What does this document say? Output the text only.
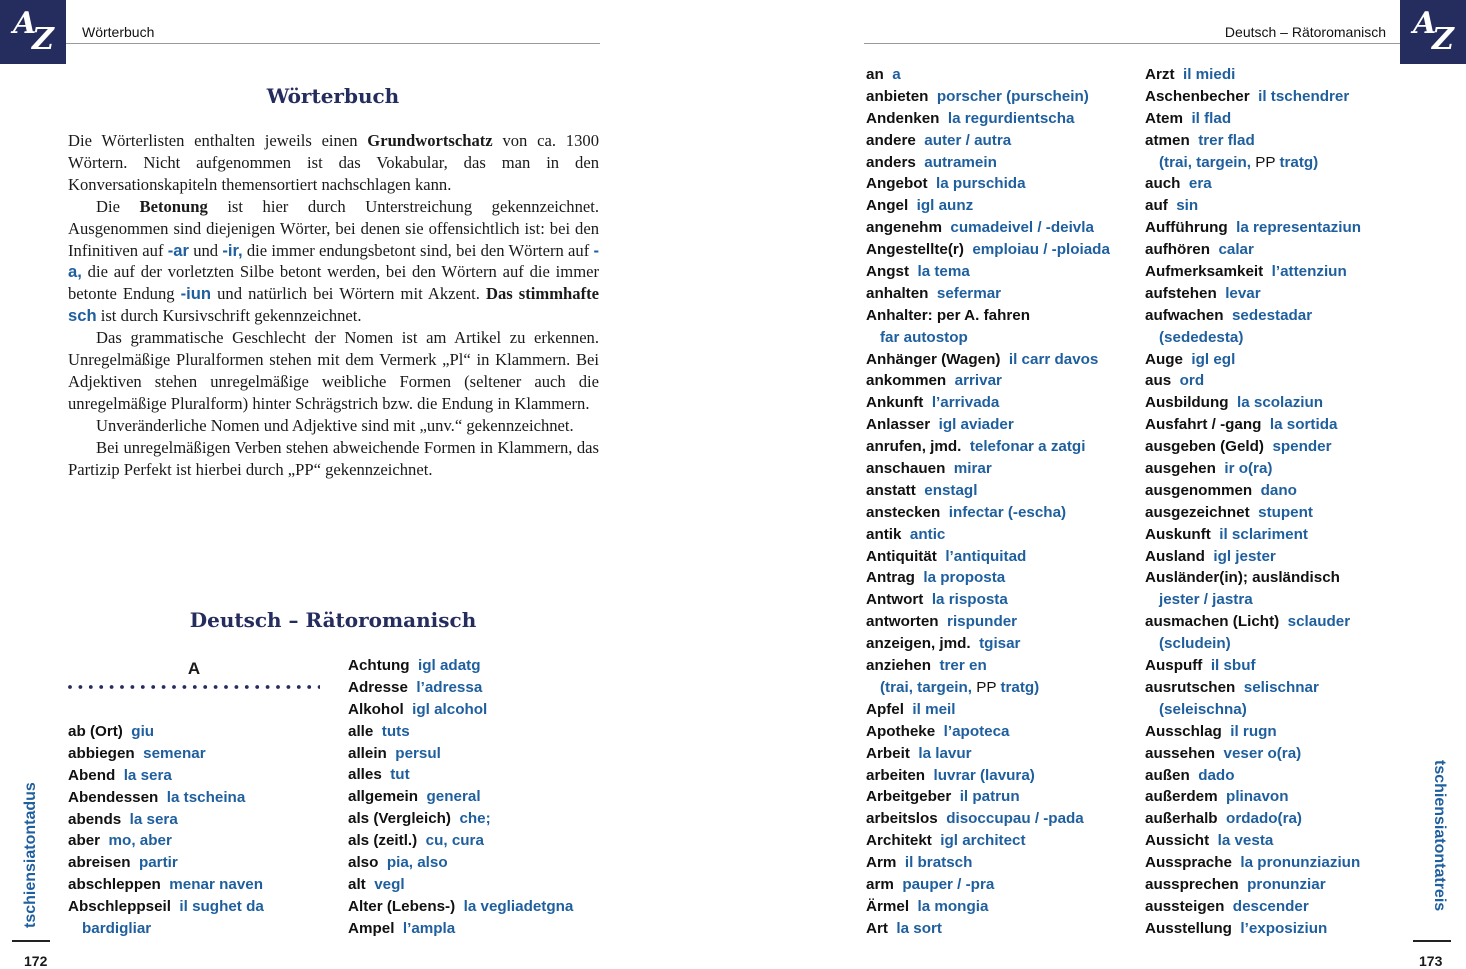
A
Z Wörterbuch	A
Z
Deutsch – Rätoromanisch
Wörterbuch

Die Wörterlisten enthalten jeweils einen Grundwortschatz von ca. 1300 Wörtern. Nicht aufgenommen ist das Vokabular, das man in den Konversationskapiteln themensortiert nachschlagen kann.

Die Betonung ist hier durch Unterstreichung gekennzeichnet. Ausgenommen sind diejenigen Wörter, bei denen sie offensichtlich ist: bei den Infinitiven auf -ar und -ir, die immer endungsbetont sind, bei den Wörtern auf -a, die auf der vorletzten Silbe betont werden, bei den Wörtern auf die immer betonte Endung -iun und natürlich bei Wörtern mit Akzent. Das stimmhafte sch ist durch Kursivschrift gekennzeichnet.

Das grammatische Geschlecht der Nomen ist am Artikel zu erkennen. Unregelmäßige Pluralformen stehen mit dem Vermerk „Pl“ in Klammern. Bei Adjektiven stehen unregelmäßige weibliche Formen (seltener auch die unregelmäßige Pluralform) hinter Schrägstrich bzw. die Endung in Klammern.

Unveränderliche Nomen und Adjektive sind mit „unv.“ gekennzeichnet.

Bei unregelmäßigen Verben stehen abweichende Formen in Klammern, das Partizip Perfekt ist hierbei durch „PP“ gekennzeichnet.

Deutsch – Rätoromanisch
A
ab (Ort) giu
abbiegen semenar
Abend la sera
Abendessen la tscheina
abends la sera
aber mo, aber
abreisen partir
abschleppen menar naven
Abschleppseil il sughet da
bardigliar
Achtung igl adatg
Adresse l’adressa
Alkohol igl alcohol
alle tuts
allein persul
alles tut
allgemein general
als (Vergleich) che;
als (zeitl.) cu, cura
also pia, also
alt vegl
Alter (Lebens-) la vegliadetgna
Ampel l’ampla
tschiensiatontadus
172
an a
anbieten porscher (purschein)
Andenken la regurdientscha
andere auter / autra
anders autramein
Angebot la purschida
Angel igl aunz
angenehm cumadeivel / -deivla
Angestellte(r) emploiau / -ploiada
Angst la tema
anhalten sefermar
Anhalter: per A. fahren
far autostop
Anhänger (Wagen) il carr davos
ankommen arrivar
Ankunft l’arrivada
Anlasser igl aviader
anrufen, jmd. telefonar a zatgi
anschauen mirar
anstatt enstagl
anstecken infectar (-escha)
antik antic
Antiquität l’antiquitad
Antrag la proposta
Antwort la risposta
antworten rispunder
anzeigen, jmd. tgisar
anziehen trer en
(trai, targein, PP tratg)
Apfel il meil
Apotheke l’apoteca
Arbeit la lavur
arbeiten luvrar (lavura)
Arbeitgeber il patrun
arbeitslos disoccupau / -pada
Architekt igl architect
Arm il bratsch
arm pauper / -pra
Ärmel la mongia
Art la sort
Arzt il miedi
Aschenbecher il tschendrer
Atem il flad
atmen trer flad
(trai, targein, PP tratg)
auch era
auf sin
Aufführung la representaziun
aufhören calar
Aufmerksamkeit l’attenziun
aufstehen levar
aufwachen sedestadar
(sededesta)
Auge igl egl
aus ord
Ausbildung la scolaziun
Ausfahrt / -gang la sortida
ausgeben (Geld) spender
ausgehen ir o(ra)
ausgenommen dano
ausgezeichnet stupent
Auskunft il sclariment
Ausland igl jester
Ausländer(in); ausländisch
jester / jastra
ausmachen (Licht) sclauder
(scludein)
Auspuff il sbuf
ausrutschen selischnar
(seleischna)
Ausschlag il rugn
aussehen veser o(ra)
außen dado
außerdem plinavon
außerhalb ordado(ra)
Aussicht la vesta
Aussprache la pronunziaziun
aussprechen pronunziar
aussteigen descender
Ausstellung l’exposiziun
tschiensiatontatreis
173
